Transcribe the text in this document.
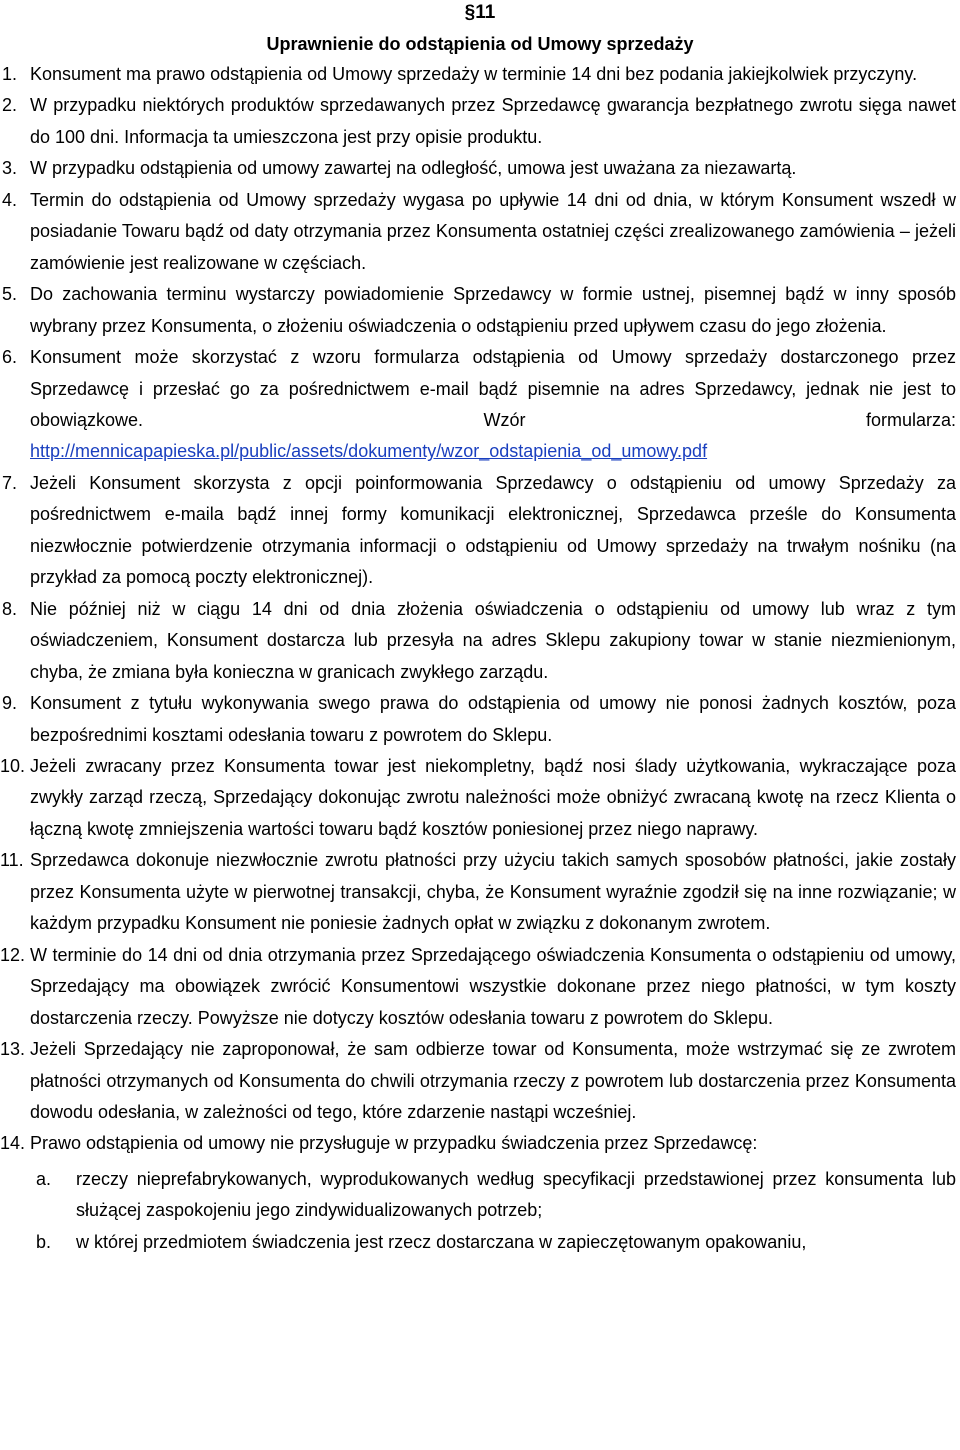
§11
Uprawnienie do odstąpienia od Umowy sprzedaży
1. Konsument ma prawo odstąpienia od Umowy sprzedaży w terminie 14 dni bez podania jakiejkolwiek przyczyny.
2. W przypadku niektórych produktów sprzedawanych przez Sprzedawcę gwarancja bezpłatnego zwrotu sięga nawet do 100 dni. Informacja ta umieszczona jest przy opisie produktu.
3. W przypadku odstąpienia od umowy zawartej na odległość, umowa jest uważana za niezawartą.
4. Termin do odstąpienia od Umowy sprzedaży wygasa po upływie 14 dni od dnia, w którym Konsument wszedł w posiadanie Towaru bądź od daty otrzymania przez Konsumenta ostatniej części zrealizowanego zamówienia – jeżeli zamówienie jest realizowane w częściach.
5. Do zachowania terminu wystarczy powiadomienie Sprzedawcy w formie ustnej, pisemnej bądź w inny sposób wybrany przez Konsumenta, o złożeniu oświadczenia o odstąpieniu przed upływem czasu do jego złożenia.
6. Konsument może skorzystać z wzoru formularza odstąpienia od Umowy sprzedaży dostarczonego przez Sprzedawcę i przesłać go za pośrednictwem e-mail bądź pisemnie na adres Sprzedawcy, jednak nie jest to obowiązkowe. Wzór formularza: http://mennicapapieska.pl/public/assets/dokumenty/wzor_odstapienia_od_umowy.pdf
7. Jeżeli Konsument skorzysta z opcji poinformowania Sprzedawcy o odstąpieniu od umowy Sprzedaży za pośrednictwem e-maila bądź innej formy komunikacji elektronicznej, Sprzedawca prześle do Konsumenta niezwłocznie potwierdzenie otrzymania informacji o odstąpieniu od Umowy sprzedaży na trwałym nośniku (na przykład za pomocą poczty elektronicznej).
8. Nie później niż w ciągu 14 dni od dnia złożenia oświadczenia o odstąpieniu od umowy lub wraz z tym oświadczeniem, Konsument dostarcza lub przesyła na adres Sklepu zakupiony towar w stanie niezmienionym, chyba, że zmiana była konieczna w granicach zwykłego zarządu.
9. Konsument z tytułu wykonywania swego prawa do odstąpienia od umowy nie ponosi żadnych kosztów, poza bezpośrednimi kosztami odesłania towaru z powrotem do Sklepu.
10. Jeżeli zwracany przez Konsumenta towar jest niekompletny, bądź nosi ślady użytkowania, wykraczające poza zwykły zarząd rzeczą, Sprzedający dokonując zwrotu należności może obniżyć zwracaną kwotę na rzecz Klienta o łączną kwotę zmniejszenia wartości towaru bądź kosztów poniesionej przez niego naprawy.
11. Sprzedawca dokonuje niezwłocznie zwrotu płatności przy użyciu takich samych sposobów płatności, jakie zostały przez Konsumenta użyte w pierwotnej transakcji, chyba, że Konsument wyraźnie zgodził się na inne rozwiązanie; w każdym przypadku Konsument nie poniesie żadnych opłat w związku z dokonanym zwrotem.
12. W terminie do 14 dni od dnia otrzymania przez Sprzedającego oświadczenia Konsumenta o odstąpieniu od umowy, Sprzedający ma obowiązek zwrócić Konsumentowi wszystkie dokonane przez niego płatności, w tym koszty dostarczenia rzeczy. Powyższe nie dotyczy kosztów odesłania towaru z powrotem do Sklepu.
13. Jeżeli Sprzedający nie zaproponował, że sam odbierze towar od Konsumenta, może wstrzymać się ze zwrotem płatności otrzymanych od Konsumenta do chwili otrzymania rzeczy z powrotem lub dostarczenia przez Konsumenta dowodu odesłania, w zależności od tego, które zdarzenie nastąpi wcześniej.
14. Prawo odstąpienia od umowy nie przysługuje w przypadku świadczenia przez Sprzedawcę:
a. rzeczy nieprefabrykowanych, wyprodukowanych według specyfikacji przedstawionej przez konsumenta lub służącej zaspokojeniu jego zindywidualizowanych potrzeb;
b. w której przedmiotem świadczenia jest rzecz dostarczana w zapieczętowanym opakowaniu,
